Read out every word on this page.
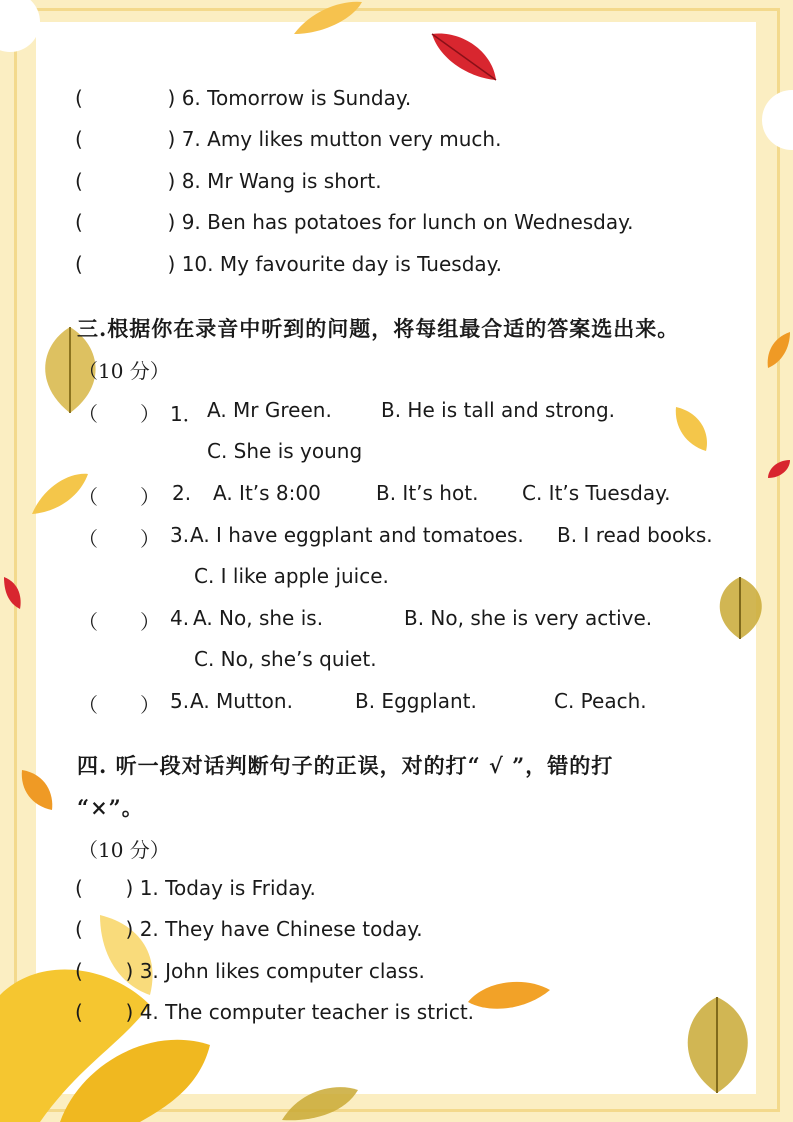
(	) 6. Tomorrow is Sunday.
(	) 7. Amy likes mutton very much.
(	) 8. Mr Wang is short.
(	) 9. Ben has potatoes for lunch on Wednesday.
(	) 10. My favourite day is Tuesday.
三.根据你在录音中听到的问题，将每组最合适的答案选出来。
（10 分）
（ ） 1． A. Mr Green. B. He is tall and strong.
C. She is young
（ ） 2. A. It’s 8:00	B. It’s hot. C. It’s Tuesday.
（ ） 3. A. I have eggplant and tomatoes. B. I read books.
C. I like apple juice.
（ ） 4. A. No, she is.	B. No, she is very active.
C. No, she’s quiet.
（ ） 5. A. Mutton.	B. Eggplant.	C. Peach.
四. 听一段对话判断句子的正误，对的打“ √ ”，错的打
“×”。
（10 分）
( ) 1. Today is Friday.
( ) 2. They have Chinese today.
( ) 3. John likes computer class.
( ) 4. The computer teacher is strict.
